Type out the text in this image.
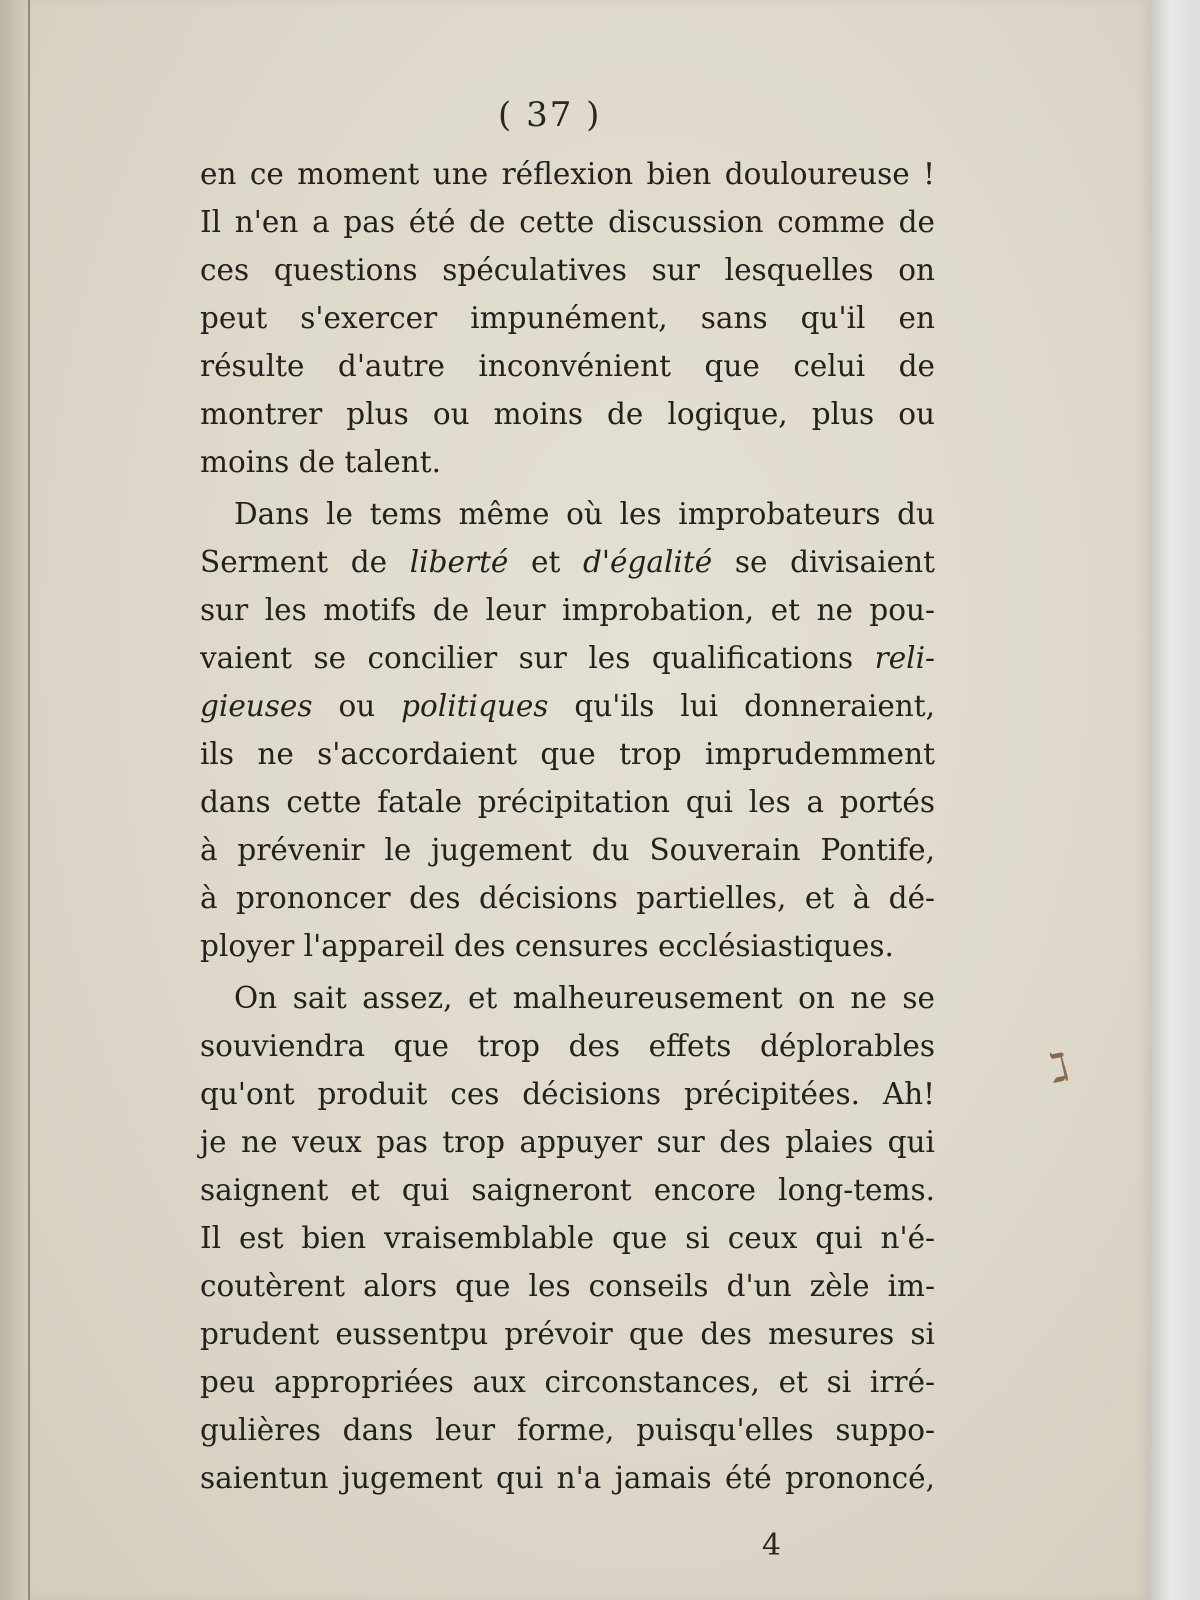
( 37 )
en ce moment une réflexion bien douloureuse !
Il n'en a pas été de cette discussion comme de
ces questions spéculatives sur lesquelles on
peut s'exercer impunément, sans qu'il en
résulte d'autre inconvénient que celui de
montrer plus ou moins de logique, plus ou
moins de talent.
Dans le tems même où les improbateurs du
Serment de liberté et d'égalité se divisaient
sur les motifs de leur improbation, et ne pou-
vaient se concilier sur les qualifications reli-
gieuses ou politiques qu'ils lui donneraient,
ils ne s'accordaient que trop imprudemment
dans cette fatale précipitation qui les a portés
à prévenir le jugement du Souverain Pontife,
à prononcer des décisions partielles, et à dé-
ployer l'appareil des censures ecclésiastiques.
On sait assez, et malheureusement on ne se
souviendra que trop des effets déplorables
qu'ont produit ces décisions précipitées. Ah!
je ne veux pas trop appuyer sur des plaies qui
saignent et qui saigneront encore long-tems.
Il est bien vraisemblable que si ceux qui n'é-
coutèrent alors que les conseils d'un zèle im-
prudent eussentpu prévoir que des mesures si
peu appropriées aux circonstances, et si irré-
gulières dans leur forme, puisqu'elles suppo-
saientun jugement qui n'a jamais été prononcé,
ℷ
4
